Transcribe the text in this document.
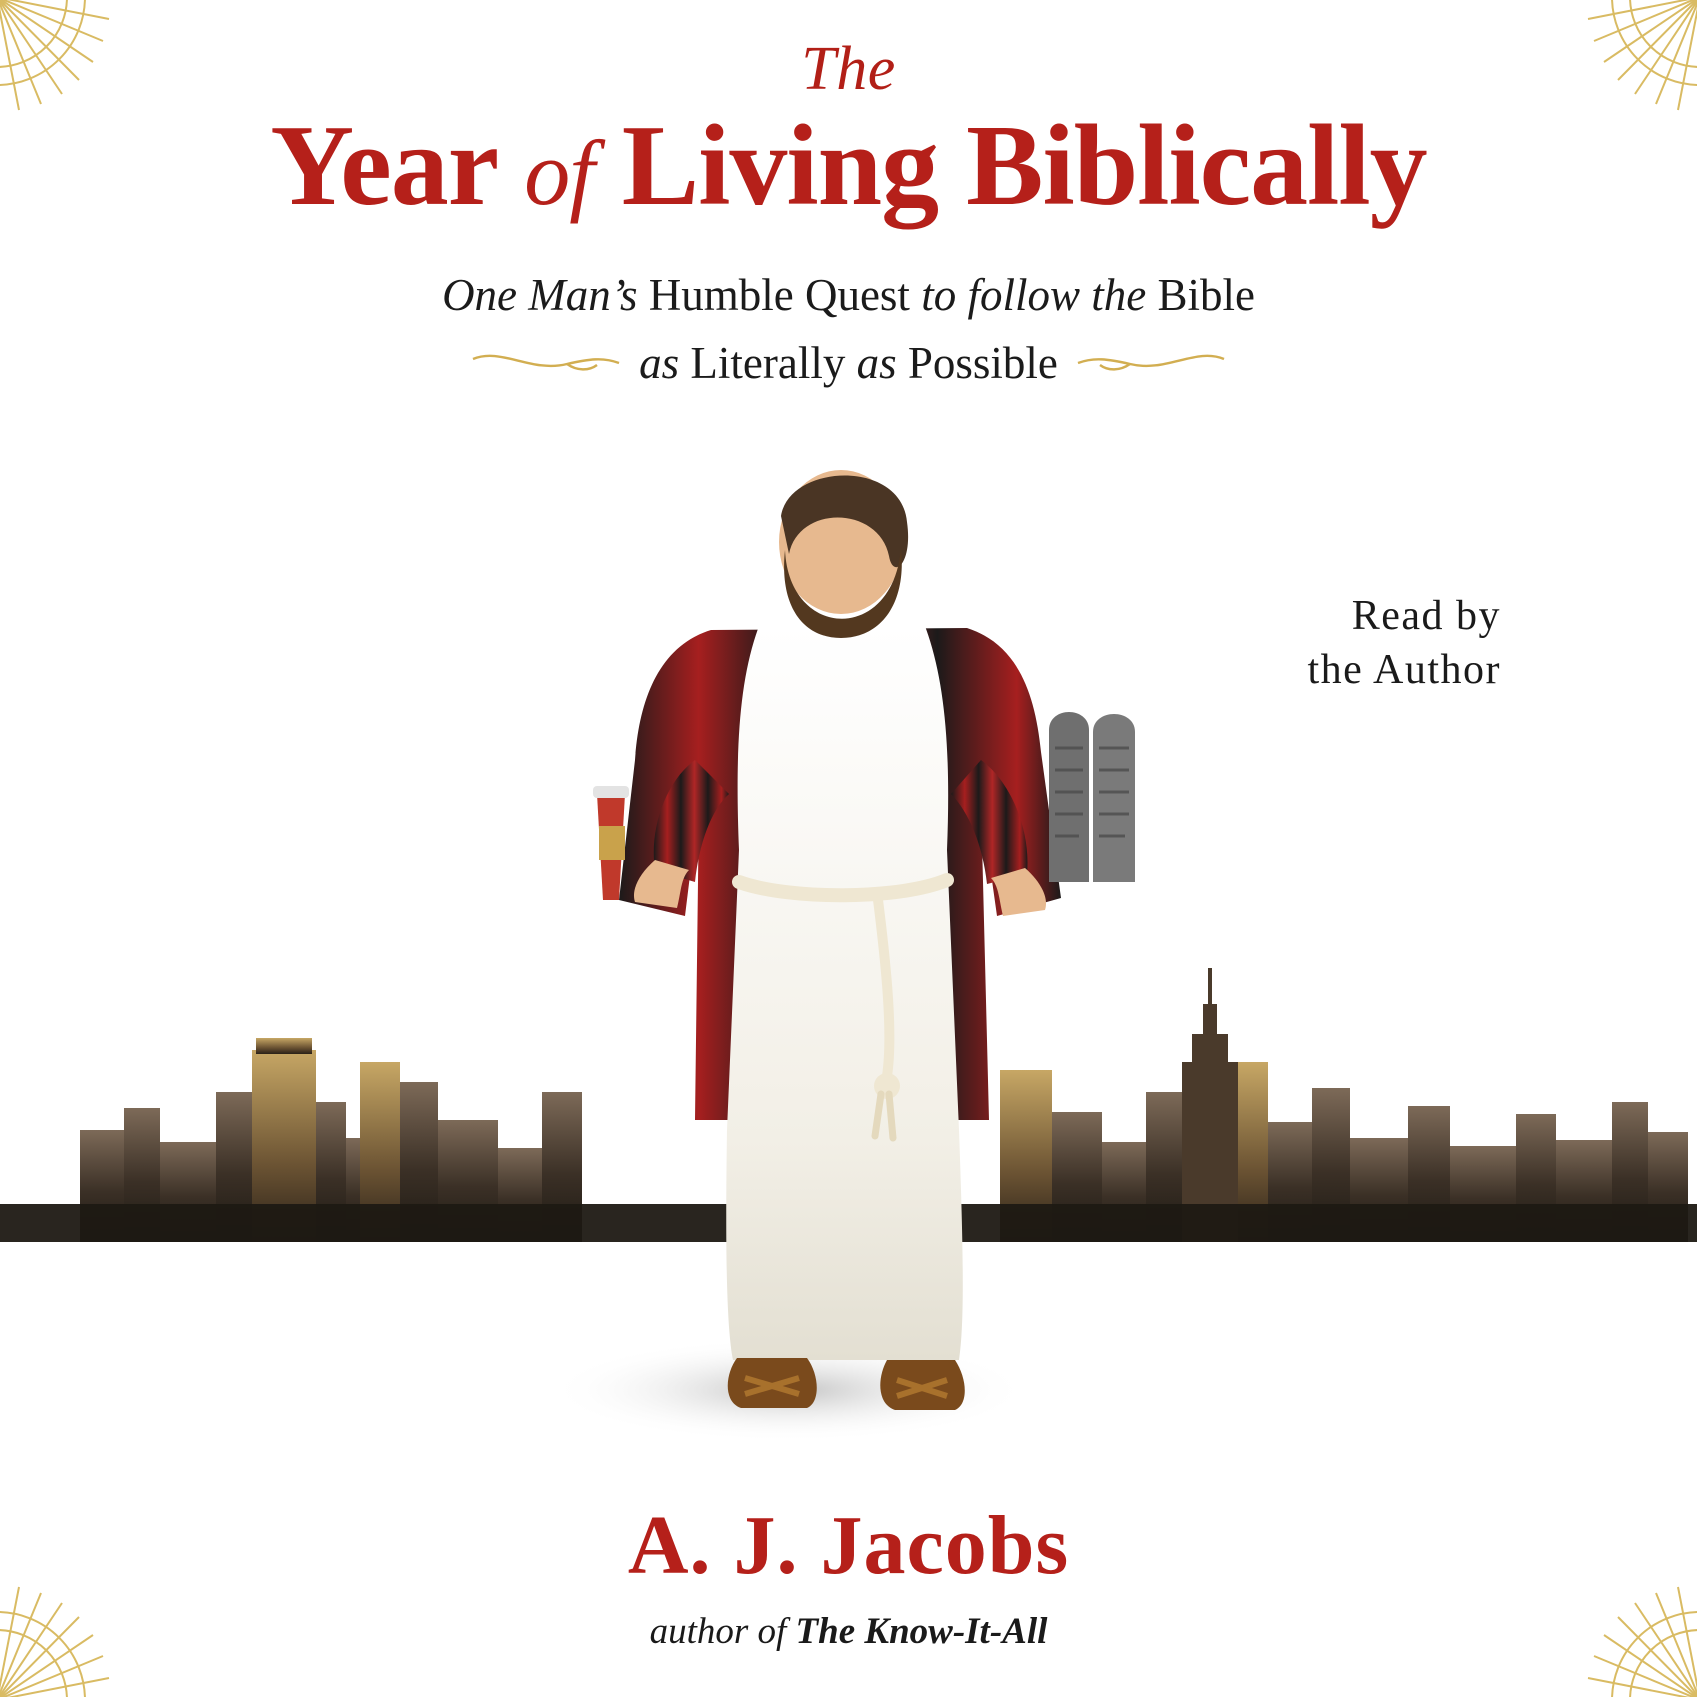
The
Year of Living Biblically
One Man’s Humble Quest to follow the Bible
as Literally as Possible
Read by
the Author
A. J. Jacobs
author of The Know-It-All
